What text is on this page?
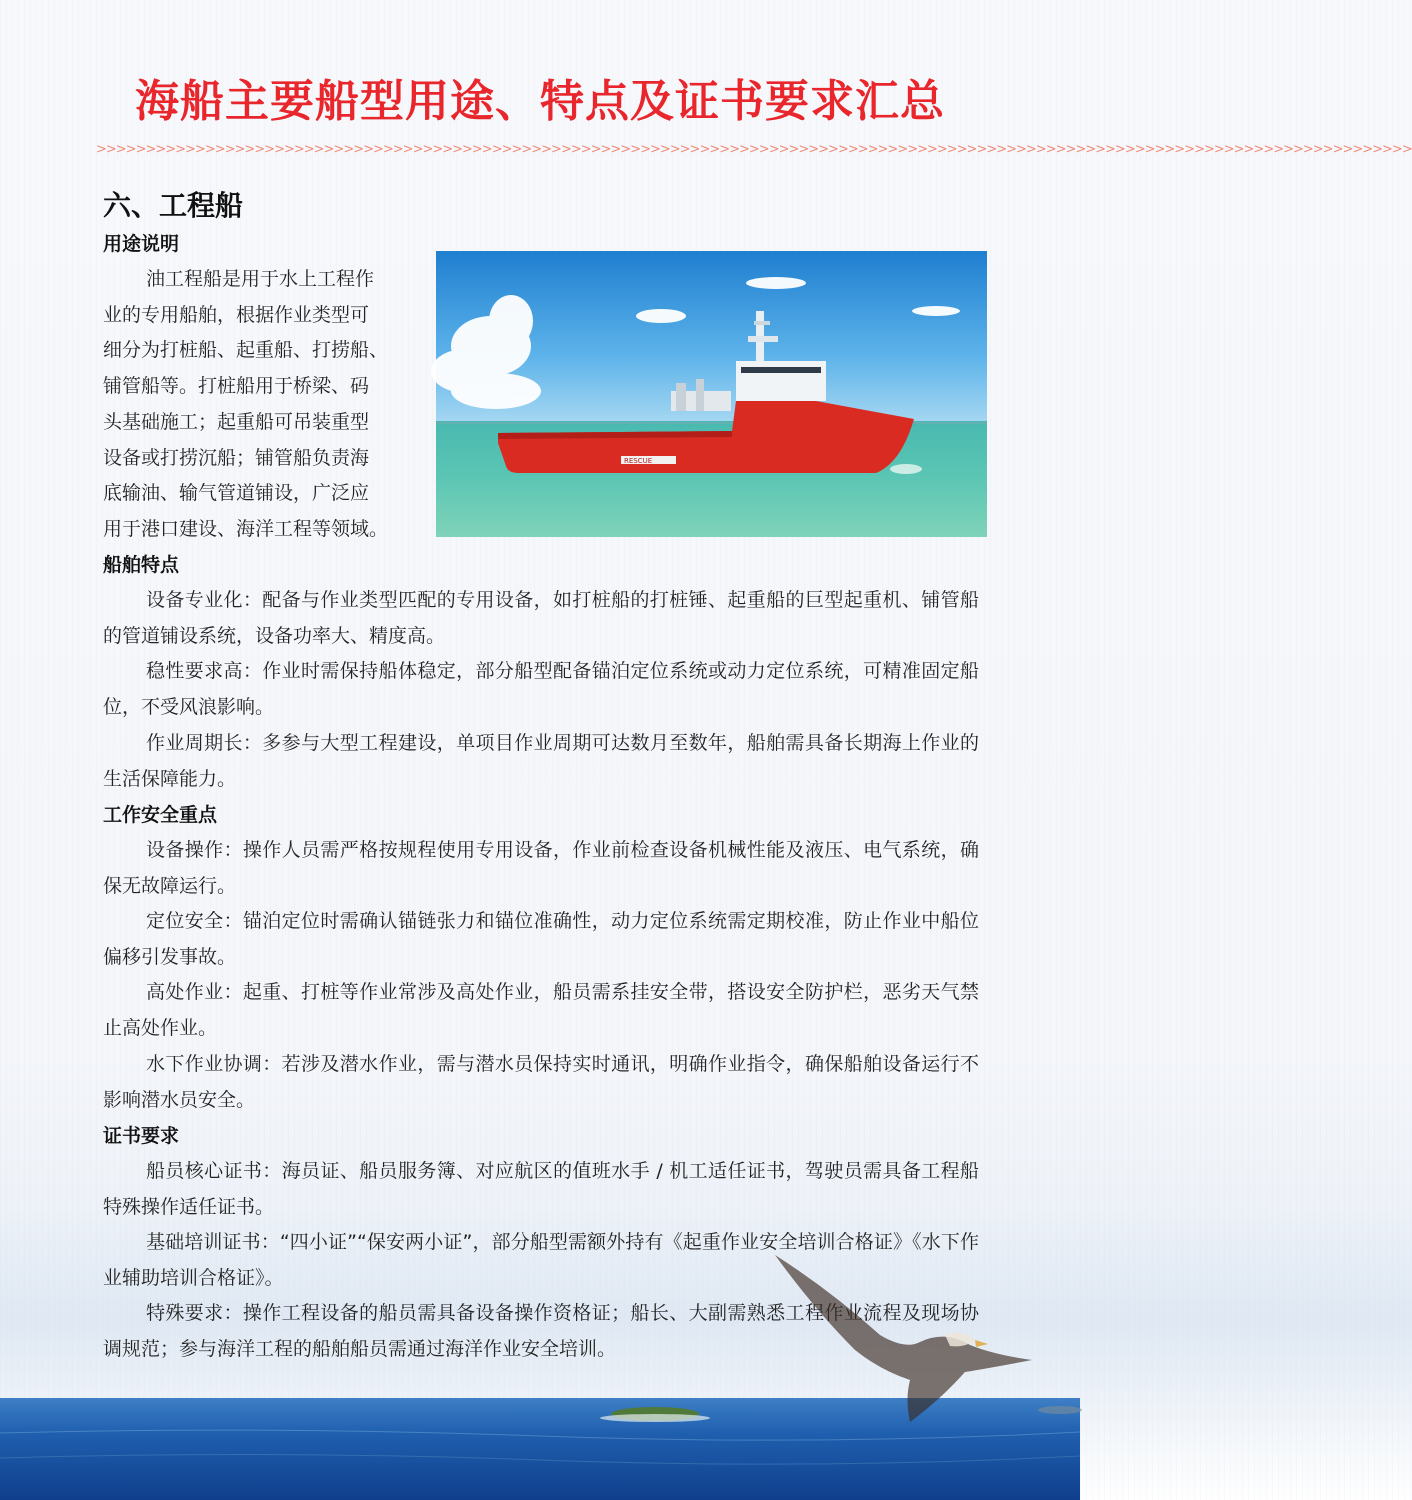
海船主要船型用途、特点及证书要求汇总
>>>>>>>>>>>>>>>>>>>>>>>>>>>>>>>>>>>>>>>>>>>>>>>>>>>>>>>>>>>>>>>>>>>>>>>>>>>>>>>>>>>>>>>>>>>>>>>>>>>>>>>>>>>>>>>>>>>>>>>>>>>>>>>>>>>>>
六、工程船
用途说明
油工程船是用于水上工程作
业的专用船舶，根据作业类型可
细分为打桩船、起重船、打捞船、
铺管船等。打桩船用于桥梁、码
头基础施工；起重船可吊装重型
设备或打捞沉船；铺管船负责海
底输油、输气管道铺设，广泛应
用于港口建设、海洋工程等领域。
RESCUE
船舶特点

设备专业化：配备与作业类型匹配的专用设备，如打桩船的打桩锤、起重船的巨型起重机、铺管船的管道铺设系统，设备功率大、精度高。

稳性要求高：作业时需保持船体稳定，部分船型配备锚泊定位系统或动力定位系统，可精准固定船位，不受风浪影响。

作业周期长：多参与大型工程建设，单项目作业周期可达数月至数年，船舶需具备长期海上作业的生活保障能力。

工作安全重点

设备操作：操作人员需严格按规程使用专用设备，作业前检查设备机械性能及液压、电气系统，确保无故障运行。

定位安全：锚泊定位时需确认锚链张力和锚位准确性，动力定位系统需定期校准，防止作业中船位偏移引发事故。

高处作业：起重、打桩等作业常涉及高处作业，船员需系挂安全带，搭设安全防护栏，恶劣天气禁止高处作业。

水下作业协调：若涉及潜水作业，需与潜水员保持实时通讯，明确作业指令，确保船舶设备运行不影响潜水员安全。

证书要求

船员核心证书：海员证、船员服务簿、对应航区的值班水手 / 机工适任证书，驾驶员需具备工程船特殊操作适任证书。

基础培训证书：“四小证”“保安两小证”，部分船型需额外持有《起重作业安全培训合格证》《水下作业辅助培训合格证》。

特殊要求：操作工程设备的船员需具备设备操作资格证；船长、大副需熟悉工程作业流程及现场协调规范；参与海洋工程的船舶船员需通过海洋作业安全培训。
